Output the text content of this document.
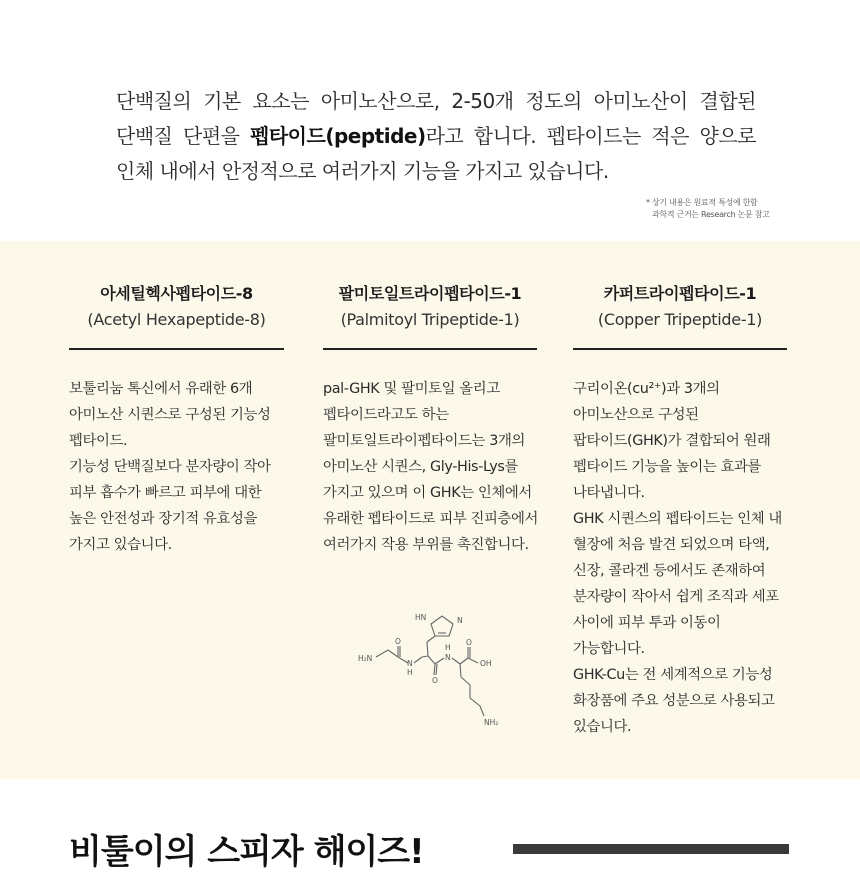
단백질의 기본 요소는 아미노산으로, 2-50개 정도의 아미노산이 결합된
단백질 단편을 펩타이드(peptide)라고 합니다. 펩타이드는 적은 양으로
인체 내에서 안정적으로 여러가지 기능을 가지고 있습니다.
* 상기 내용은 원료적 특성에 한함
과학적 근거는 Research 논문 참고
아세틸헥사펩타이드-8
(Acetyl Hexapeptide-8)
보툴리눔 톡신에서 유래한 6개
아미노산 시퀀스로 구성된 기능성
펩타이드.
기능성 단백질보다 분자량이 작아
피부 흡수가 빠르고 피부에 대한
높은 안전성과 장기적 유효성을
가지고 있습니다.
팔미토일트라이펩타이드-1
(Palmitoyl Tripeptide-1)
pal-GHK 및 팔미토일 올리고
펩타이드라고도 하는
팔미토일트라이펩타이드는 3개의
아미노산 시퀀스, Gly-His-Lys를
가지고 있으며 이 GHK는 인체에서
유래한 펩타이드로 피부 진피층에서
여러가지 작용 부위를 촉진합니다.
카퍼트라이펩타이드-1
(Copper Tripeptide-1)
구리이온(cu²⁺)과 3개의
아미노산으로 구성된
팝타이드(GHK)가 결합되어 원래
펩타이드 기능을 높이는 효과를
나타냅니다.
GHK 시퀀스의 펩타이드는 인체 내
혈장에 처음 발견 되었으며 타액,
신장, 콜라겐 등에서도 존재하여
분자량이 작아서 쉽게 조직과 세포
사이에 피부 투과 이동이
가능합니다.
GHK-Cu는 전 세계적으로 기능성
화장품에 주요 성분으로 사용되고
있습니다.
HN	N
H₂N
O
N
H
O
H
N
O
OH
NH₂
비툴이의 스피자 해이즈!
